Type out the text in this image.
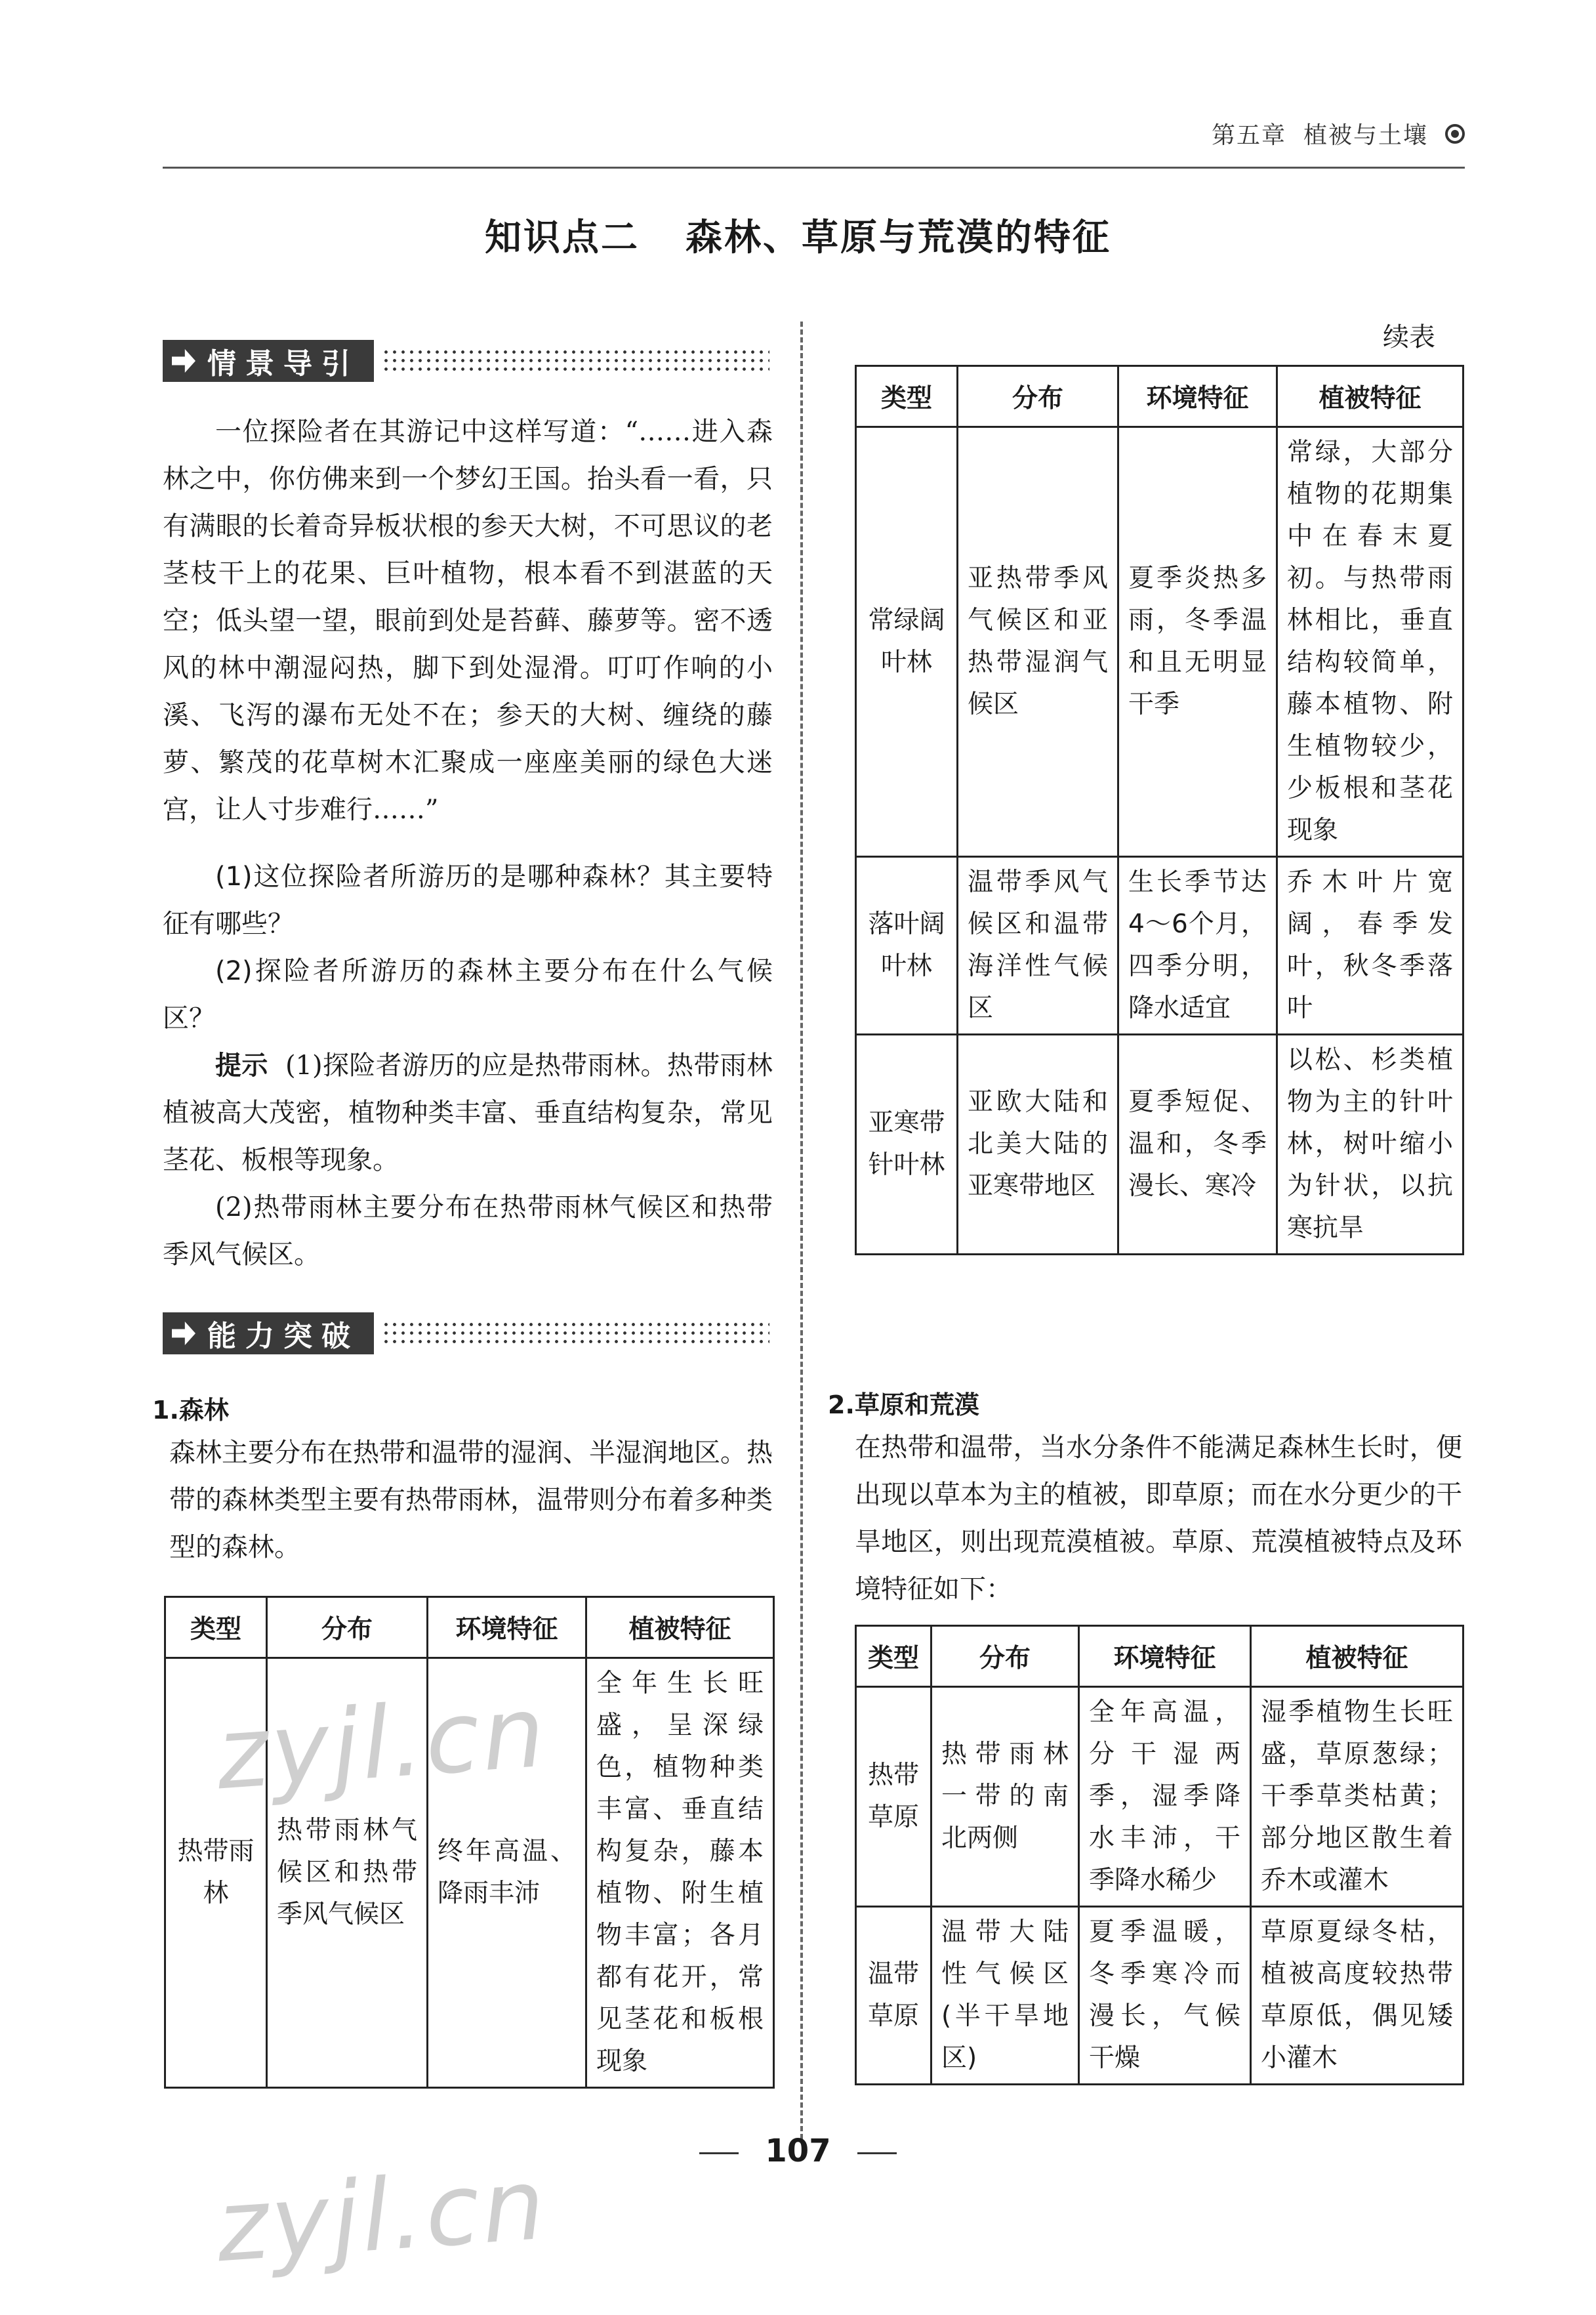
第五章 植被与土壤
知识点二 森林、草原与荒漠的特征
情景导引

一位探险者在其游记中这样写道：“……进入森林之中，你仿佛来到一个梦幻王国。抬头看一看，只有满眼的长着奇异板状根的参天大树，不可思议的老茎枝干上的花果、巨叶植物，根本看不到湛蓝的天空；低头望一望，眼前到处是苔藓、藤萝等。密不透风的林中潮湿闷热，脚下到处湿滑。叮叮作响的小溪、飞泻的瀑布无处不在；参天的大树、缠绕的藤萝、繁茂的花草树木汇聚成一座座美丽的绿色大迷宫，让人寸步难行……”

(1)这位探险者所游历的是哪种森林？其主要特征有哪些？

(2)探险者所游历的森林主要分布在什么气候区？

提示 (1)探险者游历的应是热带雨林。热带雨林植被高大茂密，植物种类丰富、垂直结构复杂，常见茎花、板根等现象。

(2)热带雨林主要分布在热带雨林气候区和热带季风气候区。

能力突破
1.森林

森林主要分布在热带和温带的湿润、半湿润地区。热带的森林类型主要有热带雨林，温带则分布着多种类型的森林。

类型	分布	环境特征	植被特征
热带雨林	热带雨林气候区和热带季风气候区	终年高温、降雨丰沛	全年生长旺盛，呈深绿色，植物种类丰富、垂直结构复杂，藤本植物、附生植物丰富；各月都有花开，常见茎花和板根现象
续表
类型	分布	环境特征	植被特征
常绿阔叶林	亚热带季风气候区和亚热带湿润气候区	夏季炎热多雨，冬季温和且无明显干季	常绿，大部分植物的花期集中在春末夏初。与热带雨林相比，垂直结构较简单，藤本植物、附生植物较少，少板根和茎花现象
落叶阔叶林	温带季风气候区和温带海洋性气候区	生长季节达4～6个月，四季分明，降水适宜	乔木叶片宽阔，春季发叶，秋冬季落叶
亚寒带针叶林	亚欧大陆和北美大陆的亚寒带地区	夏季短促、温和，冬季漫长、寒冷	以松、杉类植物为主的针叶林，树叶缩小为针状，以抗寒抗旱
2.草原和荒漠

在热带和温带，当水分条件不能满足森林生长时，便出现以草本为主的植被，即草原；而在水分更少的干旱地区，则出现荒漠植被。草原、荒漠植被特点及环境特征如下：

类型	分布	环境特征	植被特征
热带草原	热带雨林一带的南北两侧	全年高温，分干湿两季，湿季降水丰沛，干季降水稀少	湿季植物生长旺盛，草原葱绿；干季草类枯黄；部分地区散生着乔木或灌木
温带草原	温带大陆性气候区(半干旱地区)	夏季温暖，冬季寒冷而漫长，气候干燥	草原夏绿冬枯，植被高度较热带草原低，偶见矮小灌木
107
zyjl.cn
zyjl.cn
